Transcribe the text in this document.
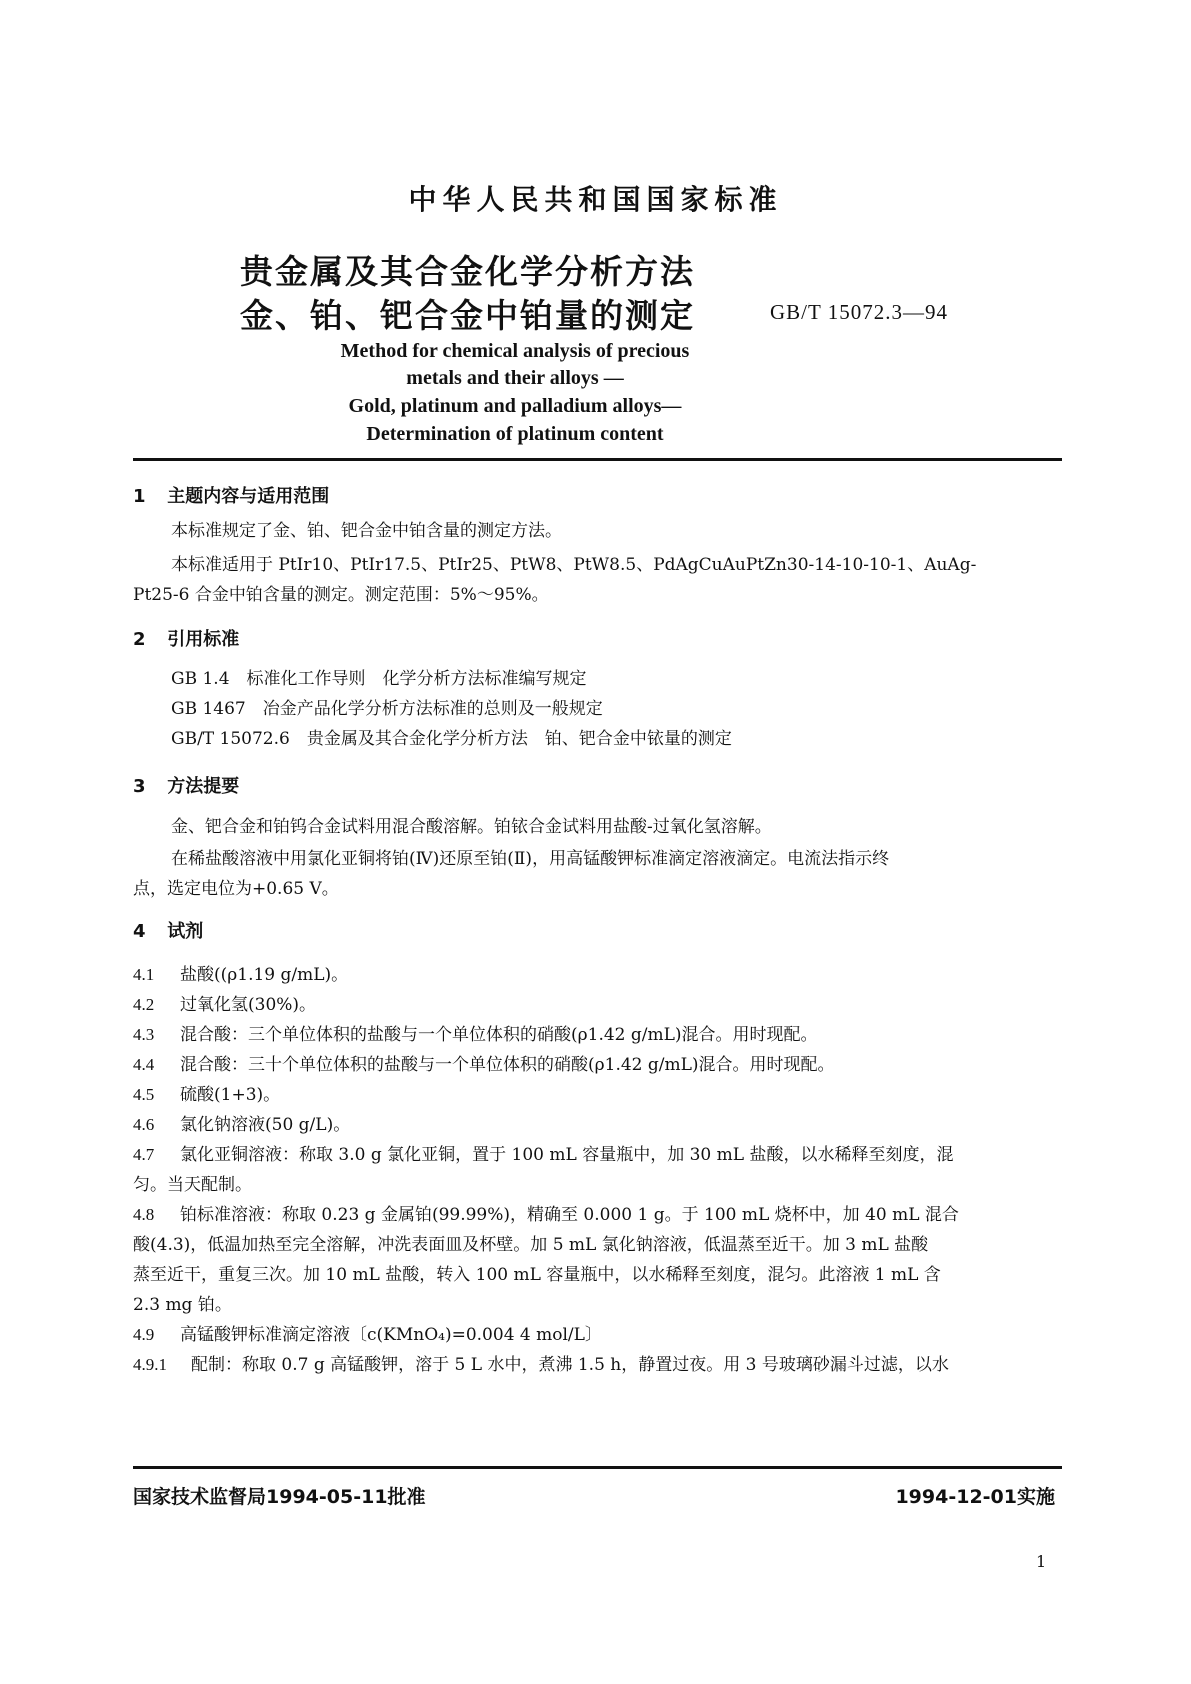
中华人民共和国国家标准
贵金属及其合金化学分析方法
金、铂、钯合金中铂量的测定	GB/T 15072.3—94
Method for chemical analysis of precious
metals and their alloys —
Gold, platinum and palladium alloys—
Determination of platinum content
1 主题内容与适用范围
本标准规定了金、铂、钯合金中铂含量的测定方法。
本标准适用于 PtIr10、PtIr17.5、PtIr25、PtW8、PtW8.5、PdAgCuAuPtZn30-14-10-10-1、AuAg-
Pt25-6 合金中铂含量的测定。测定范围：5%～95%。
2 引用标准
GB 1.4　标准化工作导则　化学分析方法标准编写规定
GB 1467　冶金产品化学分析方法标准的总则及一般规定
GB/T 15072.6　贵金属及其合金化学分析方法　铂、钯合金中铱量的测定
3 方法提要
金、钯合金和铂钨合金试料用混合酸溶解。铂铱合金试料用盐酸-过氧化氢溶解。
在稀盐酸溶液中用氯化亚铜将铂(Ⅳ)还原至铂(Ⅱ)，用高锰酸钾标准滴定溶液滴定。电流法指示终
点，选定电位为+0.65 V。
4 试剂
4.1 盐酸((ρ1.19 g/mL)。
4.2 过氧化氢(30%)。
4.3 混合酸：三个单位体积的盐酸与一个单位体积的硝酸(ρ1.42 g/mL)混合。用时现配。
4.4 混合酸：三十个单位体积的盐酸与一个单位体积的硝酸(ρ1.42 g/mL)混合。用时现配。
4.5 硫酸(1+3)。
4.6 氯化钠溶液(50 g/L)。
4.7 氯化亚铜溶液：称取 3.0 g 氯化亚铜，置于 100 mL 容量瓶中，加 30 mL 盐酸，以水稀释至刻度，混
匀。当天配制。
4.8 铂标准溶液：称取 0.23 g 金属铂(99.99%)，精确至 0.000 1 g。于 100 mL 烧杯中，加 40 mL 混合
酸(4.3)，低温加热至完全溶解，冲洗表面皿及杯壁。加 5 mL 氯化钠溶液，低温蒸至近干。加 3 mL 盐酸
蒸至近干，重复三次。加 10 mL 盐酸，转入 100 mL 容量瓶中，以水稀释至刻度，混匀。此溶液 1 mL 含
2.3 mg 铂。
4.9 高锰酸钾标准滴定溶液〔c(KMnO₄)=0.004 4 mol/L〕
4.9.1 配制：称取 0.7 g 高锰酸钾，溶于 5 L 水中，煮沸 1.5 h，静置过夜。用 3 号玻璃砂漏斗过滤，以水
国家技术监督局1994-05-11批准	1994-12-01实施
1
